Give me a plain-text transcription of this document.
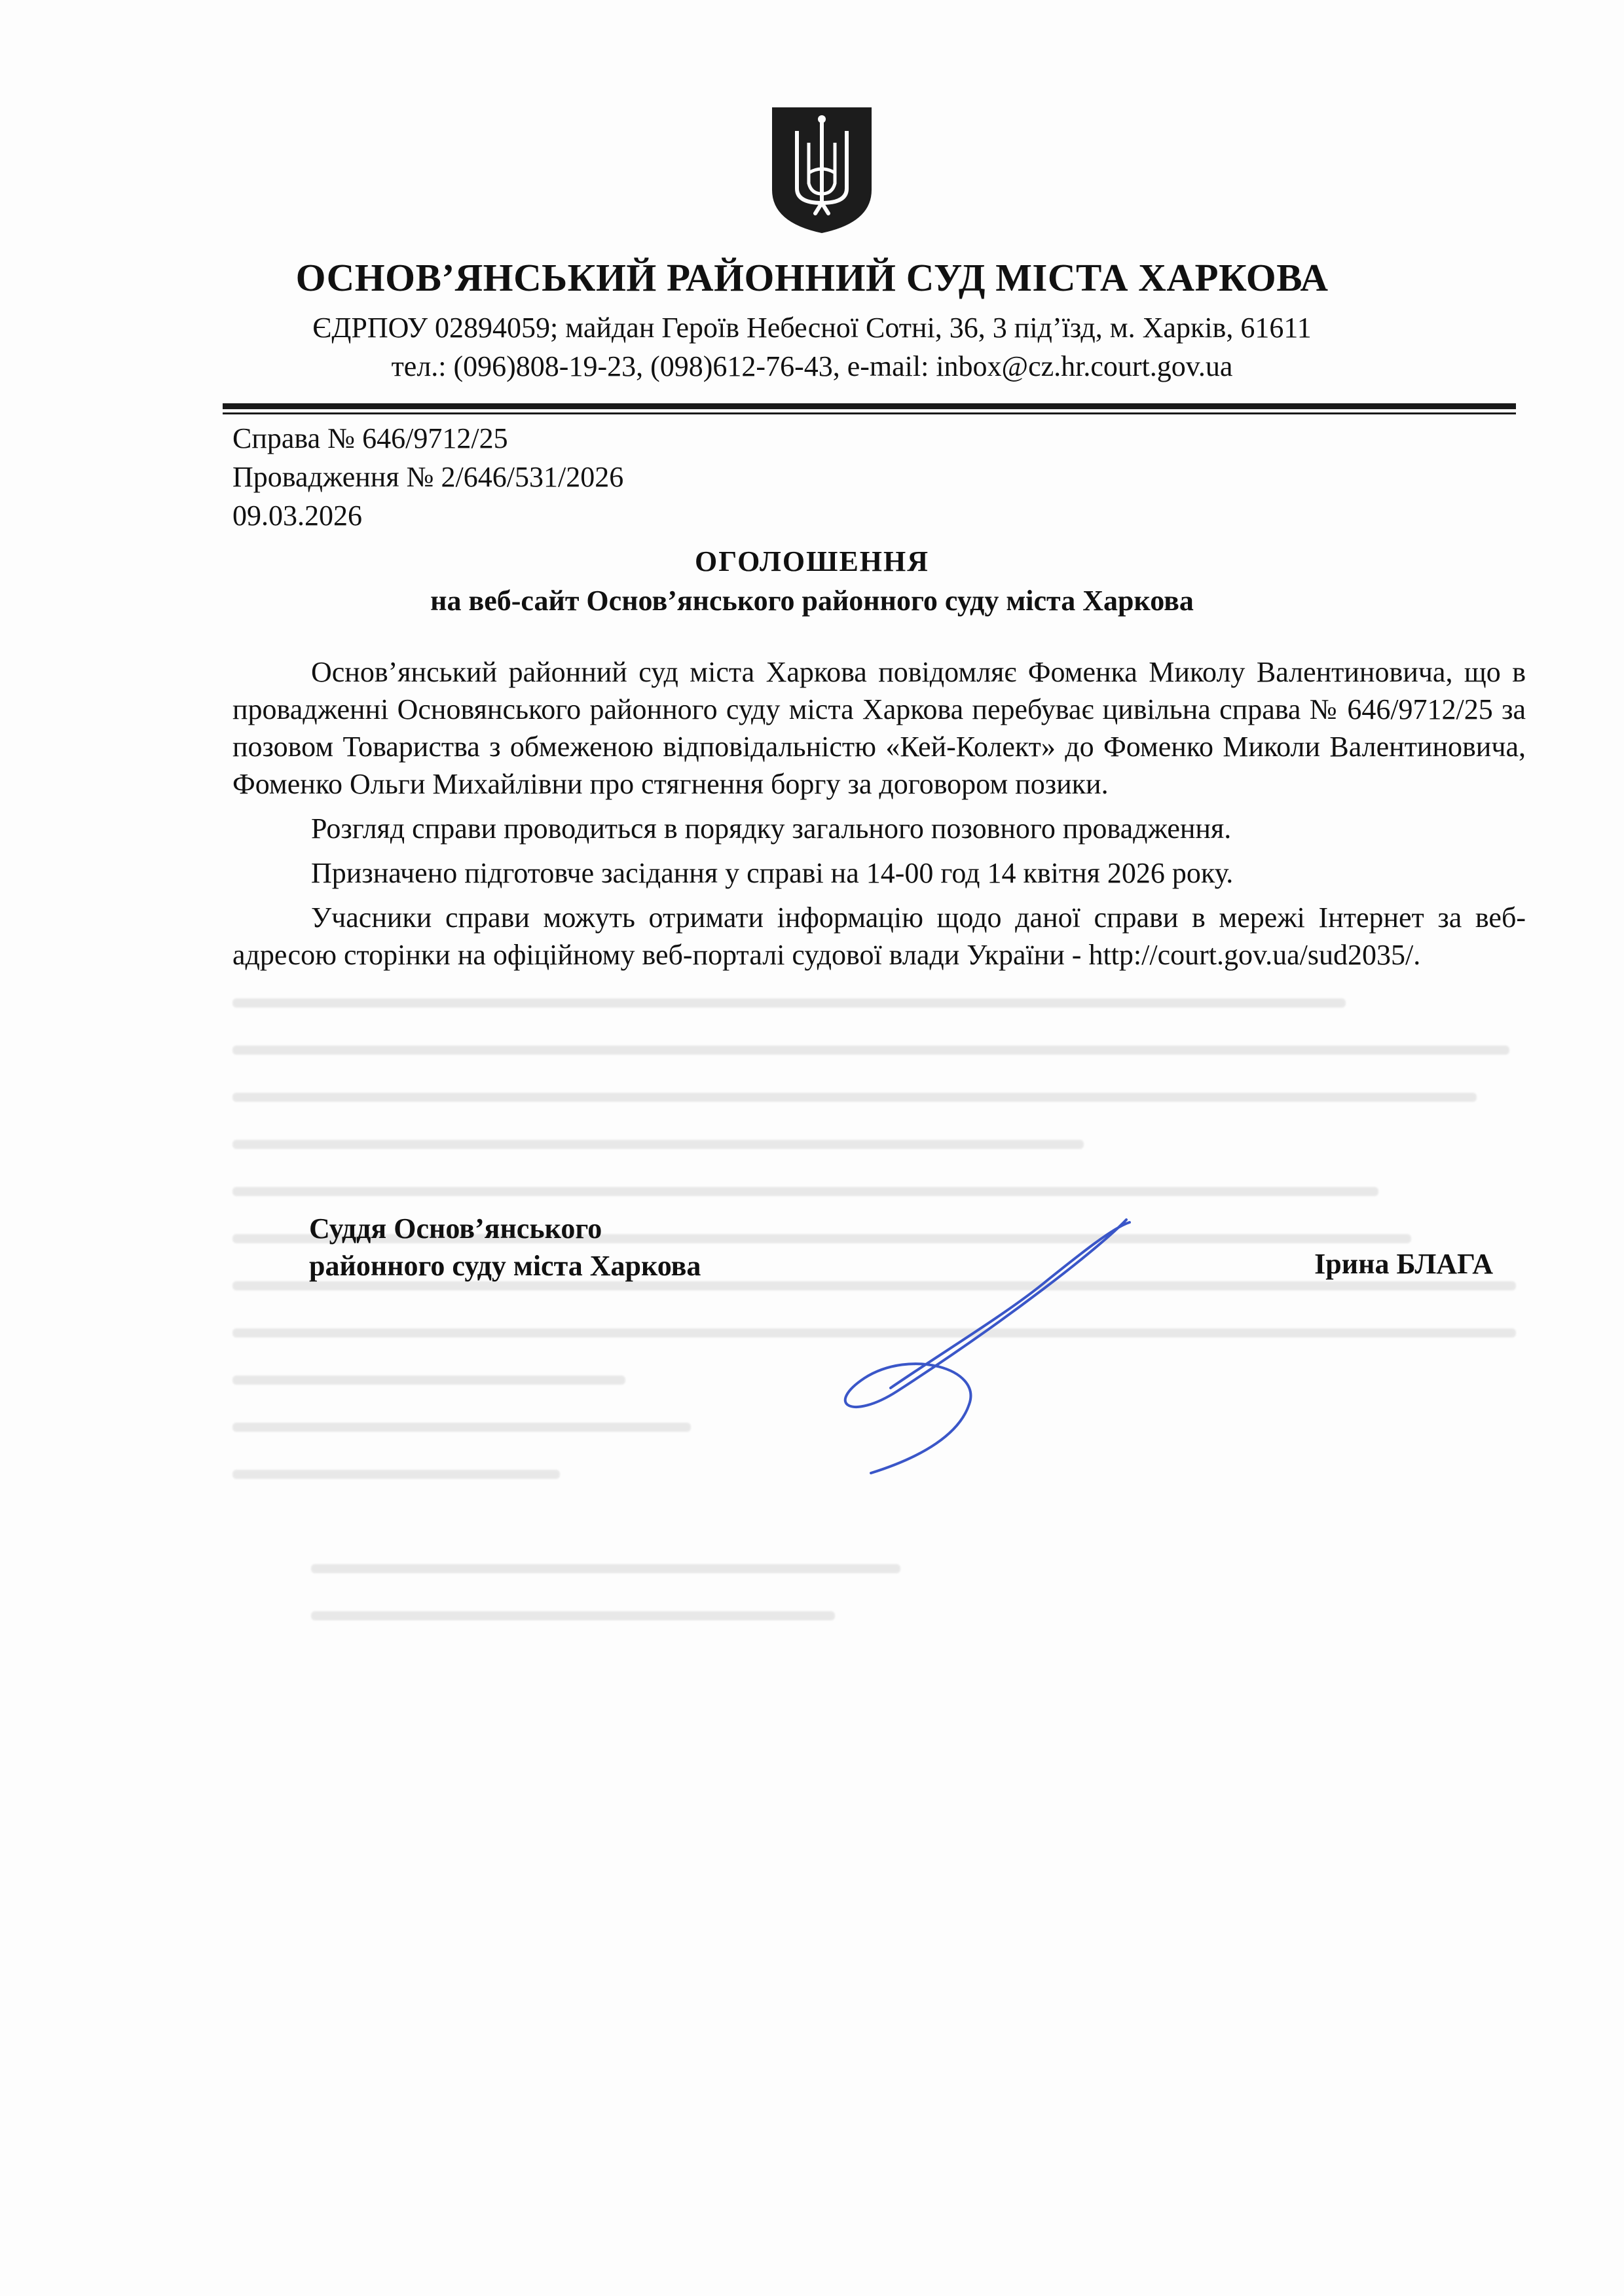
ОСНОВ’ЯНСЬКИЙ РАЙОННИЙ СУД МІСТА ХАРКОВА
ЄДРПОУ 02894059; майдан Героїв Небесної Сотні, 36, 3 під’їзд, м. Харків, 61611
тел.: (096)808-19-23, (098)612-76-43, e-mail: inbox@cz.hr.court.gov.ua
Справа № 646/9712/25
Провадження № 2/646/531/2026
09.03.2026
ОГОЛОШЕННЯ
на веб-сайт Основ’янського районного суду міста Харкова

Основ’янський районний суд міста Харкова повідомляє Фоменка Миколу Валентиновича, що в провадженні Основянського районного суду міста Харкова перебуває цивільна справа № 646/9712/25 за позовом Товариства з обмеженою відповідальністю «Кей-Колект» до Фоменко Миколи Валентиновича, Фоменко Ольги Михайлівни про стягнення боргу за договором позики.

Розгляд справи проводиться в порядку загального позовного провадження.

Призначено підготовче засідання у справі на 14-00 год 14 квітня 2026 року.

Учасники справи можуть отримати інформацію щодо даної справи в мережі Інтернет за веб-адресою сторінки на офіційному веб-порталі судової влади України - http://court.gov.ua/sud2035/.

Суддя Основ’янського
районного суду міста Харкова	Ірина БЛАГА
